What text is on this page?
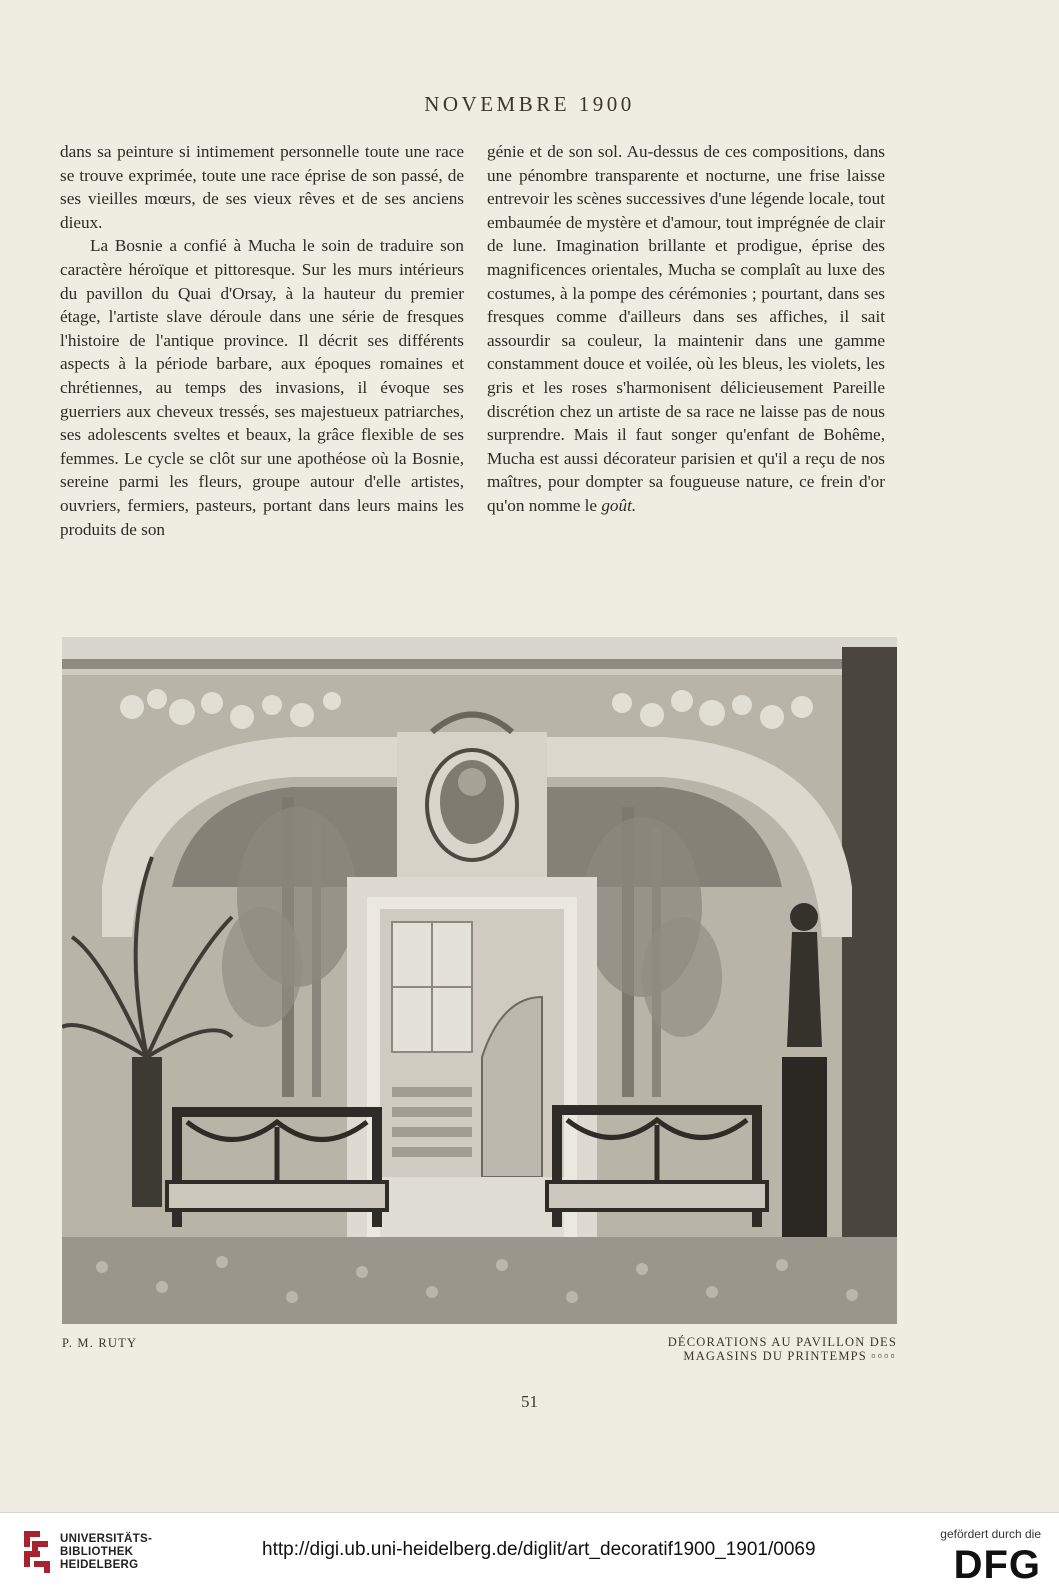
NOVEMBRE 1900

dans sa peinture si intimement personnelle toute une race se trouve exprimée, toute une race éprise de son passé, de ses vieilles mœurs, de ses vieux rêves et de ses anciens dieux.

La Bosnie a confié à Mucha le soin de traduire son caractère héroïque et pittoresque. Sur les murs intérieurs du pavillon du Quai d'Orsay, à la hauteur du premier étage, l'artiste slave déroule dans une série de fresques l'histoire de l'antique province. Il décrit ses différents aspects à la période barbare, aux époques romaines et chrétiennes, au temps des invasions, il évoque ses guerriers aux cheveux tressés, ses majestueux patriarches, ses adolescents sveltes et beaux, la grâce flexible de ses femmes. Le cycle se clôt sur une apothéose où la Bosnie, sereine parmi les fleurs, groupe autour d'elle artistes, ouvriers, fermiers, pasteurs, portant dans leurs mains les produits de son

génie et de son sol. Au-dessus de ces compositions, dans une pénombre transparente et nocturne, une frise laisse entrevoir les scènes successives d'une légende locale, tout embaumée de mystère et d'amour, tout imprégnée de clair de lune. Imagination brillante et prodigue, éprise des magnificences orientales, Mucha se complaît au luxe des costumes, à la pompe des cérémonies ; pourtant, dans ses fresques comme d'ailleurs dans ses affiches, il sait assourdir sa couleur, la maintenir dans une gamme constamment douce et voilée, où les bleus, les violets, les gris et les roses s'harmonisent délicieusement Pareille discrétion chez un artiste de sa race ne laisse pas de nous surprendre. Mais il faut songer qu'enfant de Bohême, Mucha est aussi décorateur parisien et qu'il a reçu de nos maîtres, pour dompter sa fougueuse nature, ce frein d'or qu'on nomme le goût.

P. M. RUTY	DÉCORATIONS AU PAVILLON DES
MAGASINS DU PRINTEMPS ▫▫▫▫
51
UNIVERSITÄTS-
BIBLIOTHEK
HEIDELBERG
http://digi.ub.uni-heidelberg.de/diglit/art_decoratif1900_1901/0069
gefördert durch die
DFG
